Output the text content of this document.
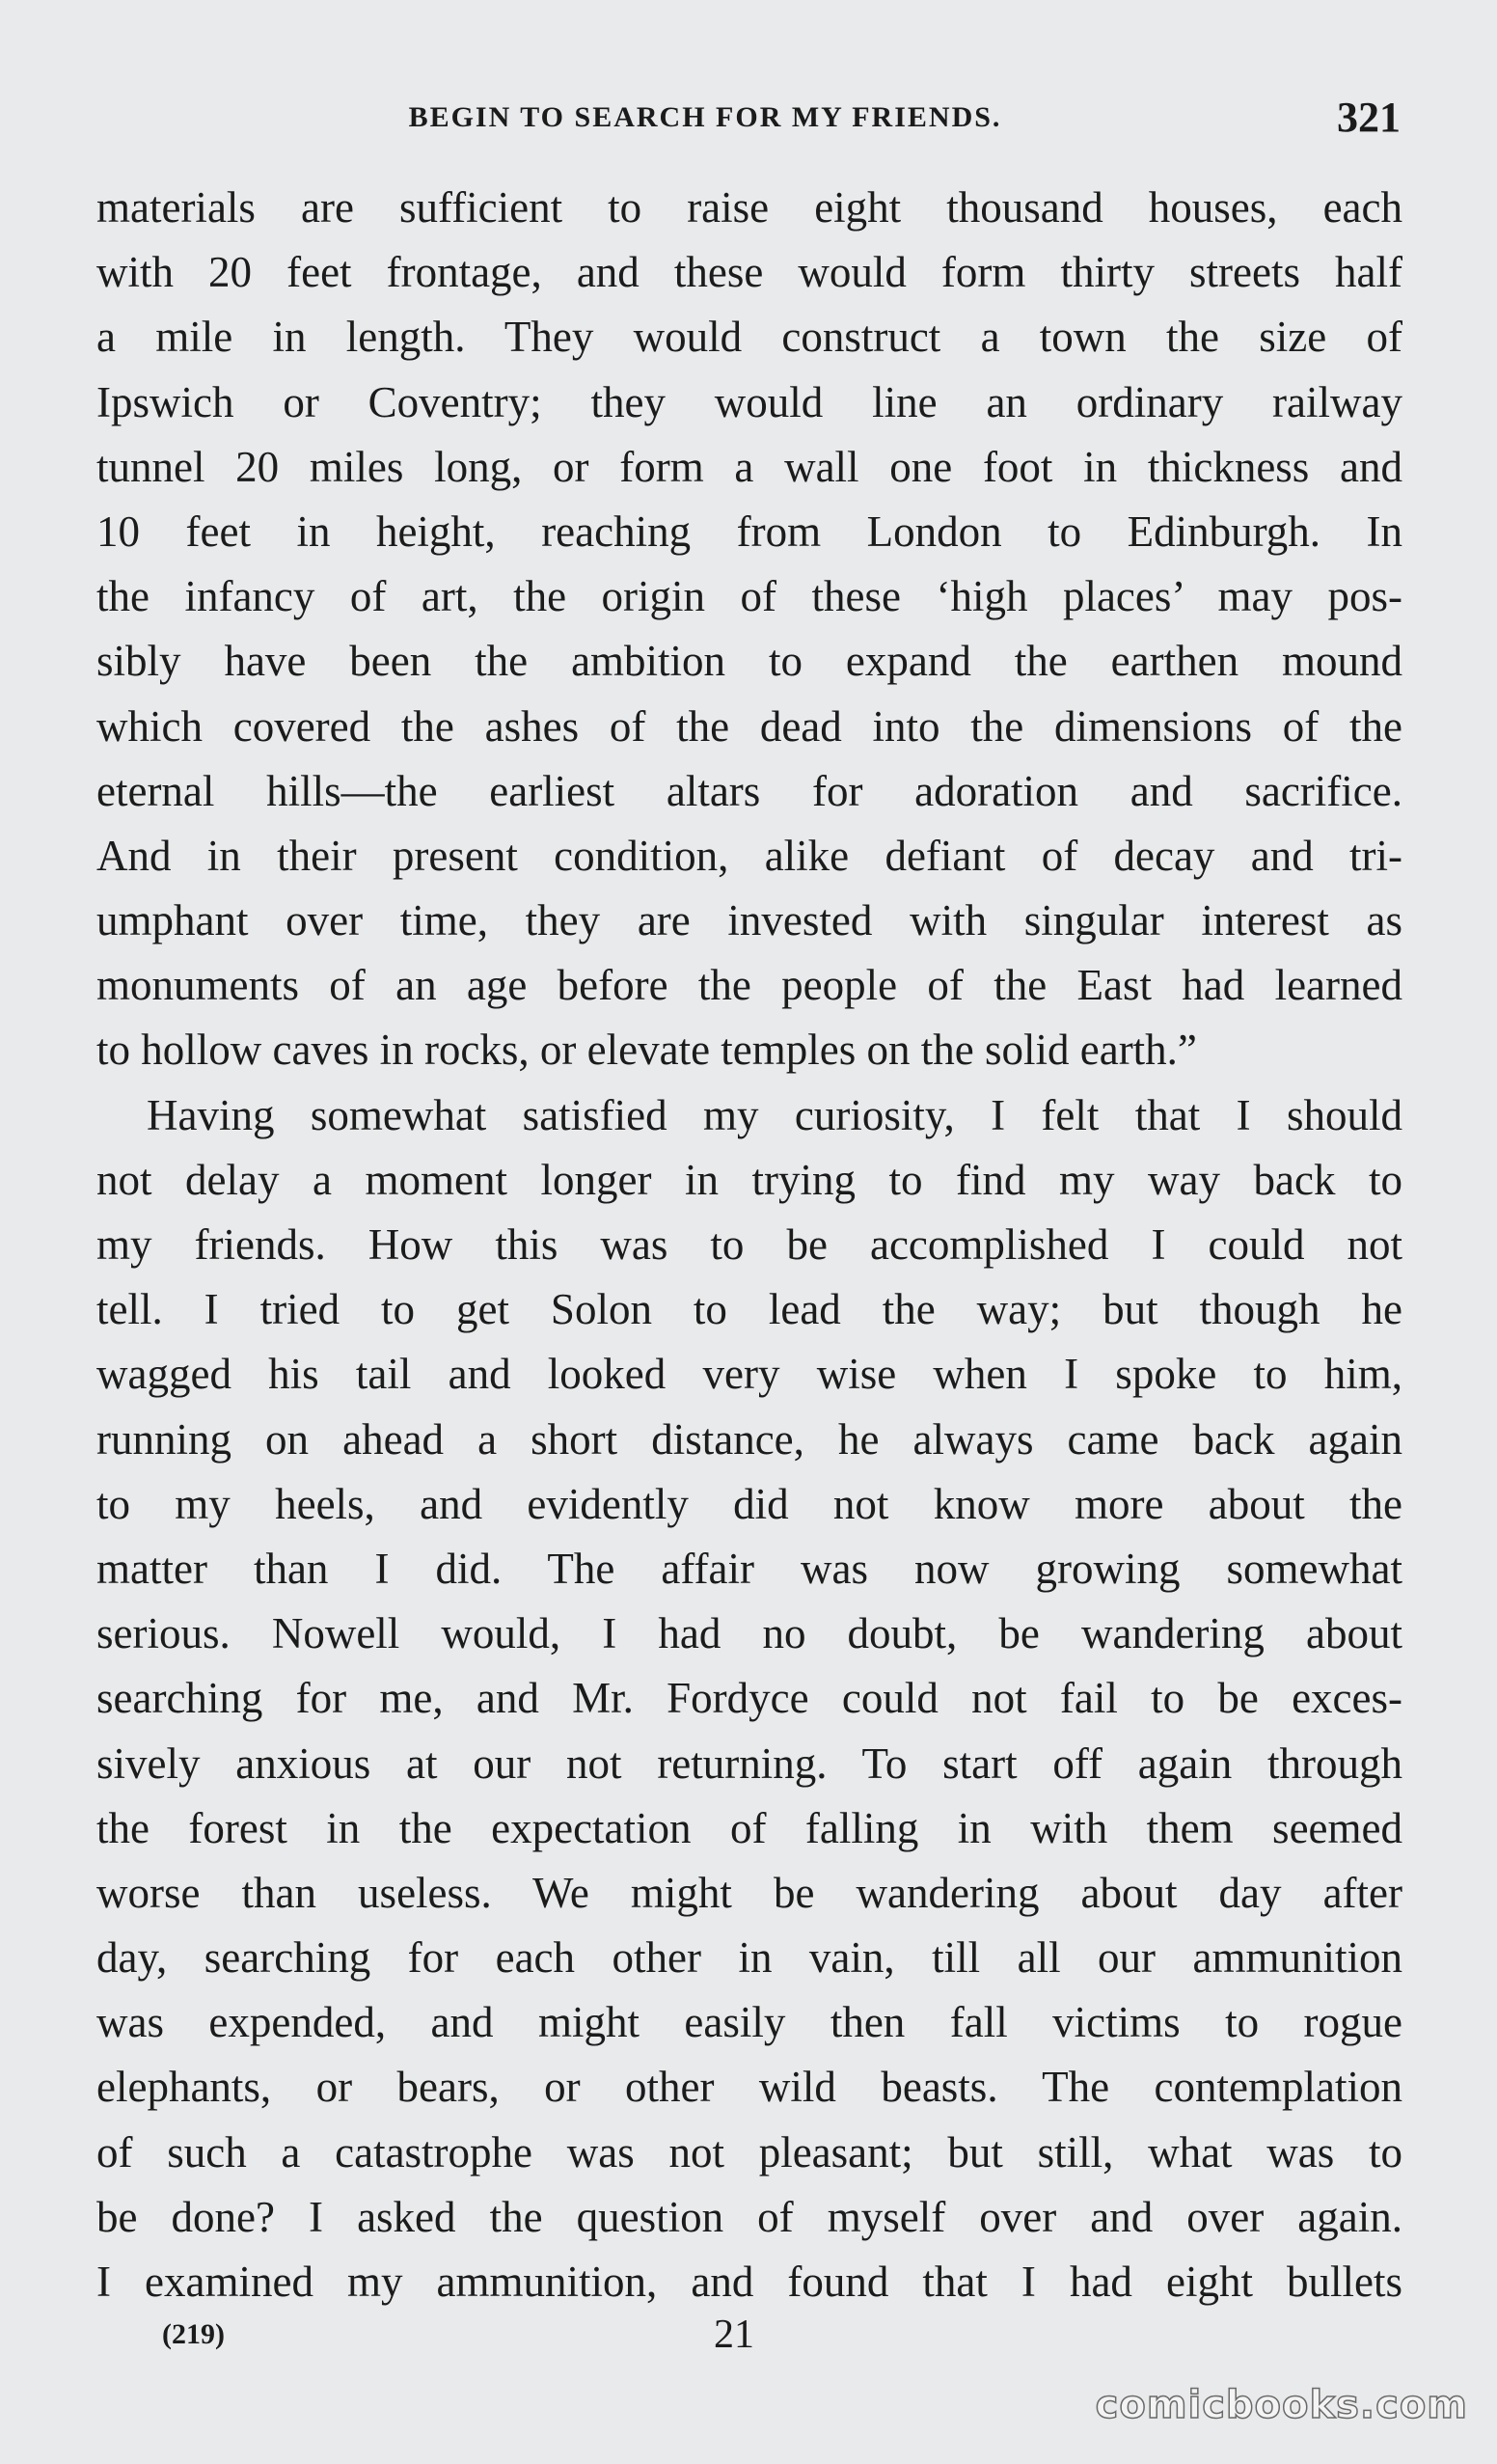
BEGIN TO SEARCH FOR MY FRIENDS.	321
materials are sufficient to raise eight thousand houses, each
with 20 feet frontage, and these would form thirty streets half
a mile in length. They would construct a town the size of
Ipswich or Coventry; they would line an ordinary railway
tunnel 20 miles long, or form a wall one foot in thickness and
10 feet in height, reaching from London to Edinburgh. In
the infancy of art, the origin of these ‘high places’ may pos-
sibly have been the ambition to expand the earthen mound
which covered the ashes of the dead into the dimensions of the
eternal hills—the earliest altars for adoration and sacrifice.
And in their present condition, alike defiant of decay and tri-
umphant over time, they are invested with singular interest as
monuments of an age before the people of the East had learned
to hollow caves in rocks, or elevate temples on the solid earth.”
Having somewhat satisfied my curiosity, I felt that I should
not delay a moment longer in trying to find my way back to
my friends. How this was to be accomplished I could not
tell. I tried to get Solon to lead the way; but though he
wagged his tail and looked very wise when I spoke to him,
running on ahead a short distance, he always came back again
to my heels, and evidently did not know more about the
matter than I did. The affair was now growing somewhat
serious. Nowell would, I had no doubt, be wandering about
searching for me, and Mr. Fordyce could not fail to be exces-
sively anxious at our not returning. To start off again through
the forest in the expectation of falling in with them seemed
worse than useless. We might be wandering about day after
day, searching for each other in vain, till all our ammunition
was expended, and might easily then fall victims to rogue
elephants, or bears, or other wild beasts. The contemplation
of such a catastrophe was not pleasant; but still, what was to
be done? I asked the question of myself over and over again.
I examined my ammunition, and found that I had eight bullets
(219)	21
comicbooks.com
